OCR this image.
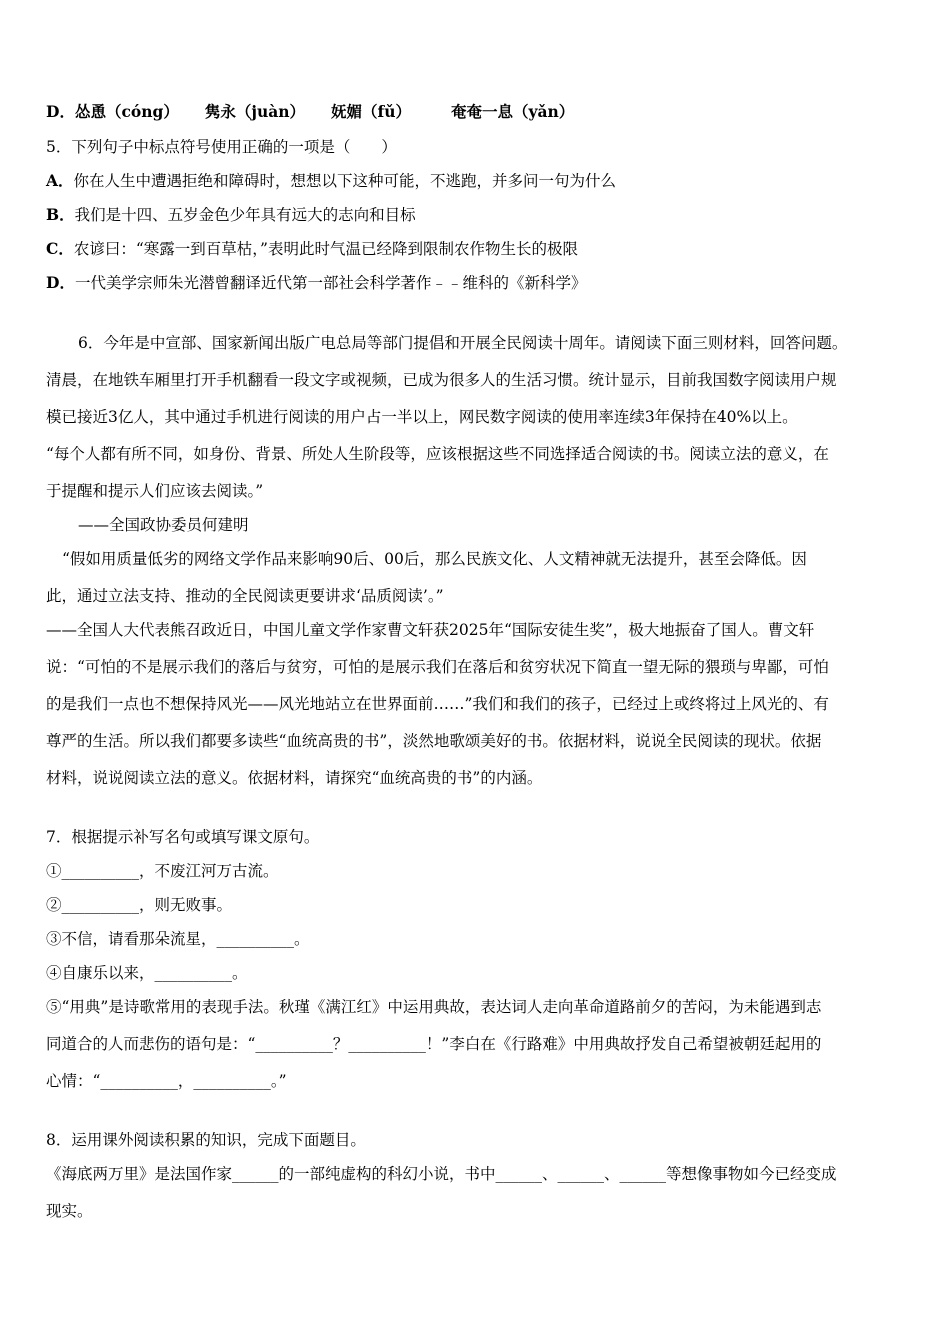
D．怂恿（cóng） 隽永（juàn） 妩媚（fǔ）	奄奄一息（yǎn）
5．下列句子中标点符号使用正确的一项是（　　）
A．你在人生中遭遇拒绝和障碍时，想想以下这种可能，不逃跑，并多问一句为什么
B．我们是十四、五岁金色少年具有远大的志向和目标
C．农谚曰：“寒露一到百草枯，”表明此时气温已经降到限制农作物生长的极限
D．一代美学宗师朱光潜曾翻译近代第一部社会科学著作﹣﹣维科的《新科学》
6．今年是中宣部、国家新闻出版广电总局等部门提倡和开展全民阅读十周年。请阅读下面三则材料，回答问题。
清晨，在地铁车厢里打开手机翻看一段文字或视频，已成为很多人的生活习惯。统计显示，目前我国数字阅读用户规
模已接近3亿人，其中通过手机进行阅读的用户占一半以上，网民数字阅读的使用率连续3年保持在40%以上。
“每个人都有所不同，如身份、背景、所处人生阶段等，应该根据这些不同选择适合阅读的书。阅读立法的意义，在
于提醒和提示人们应该去阅读。”
——全国政协委员何建明
“假如用质量低劣的网络文学作品来影响90后、00后，那么民族文化、人文精神就无法提升，甚至会降低。因
此，通过立法支持、推动的全民阅读更要讲求‘品质阅读’。”
——全国人大代表熊召政近日，中国儿童文学作家曹文轩获2025年“国际安徒生奖”，极大地振奋了国人。曹文轩
说：“可怕的不是展示我们的落后与贫穷，可怕的是展示我们在落后和贫穷状况下简直一望无际的猥琐与卑鄙，可怕
的是我们一点也不想保持风光——风光地站立在世界面前……”我们和我们的孩子，已经过上或终将过上风光的、有
尊严的生活。所以我们都要多读些“血统高贵的书”，淡然地歌颂美好的书。依据材料，说说全民阅读的现状。依据
材料，说说阅读立法的意义。依据材料，请探究“血统高贵的书”的内涵。
7．根据提示补写名句或填写课文原句。
①__________，不废江河万古流。
②__________，则无败事。
③不信，请看那朵流星，__________。
④自康乐以来，__________。
⑤“用典”是诗歌常用的表现手法。秋瑾《满江红》中运用典故，表达词人走向革命道路前夕的苦闷，为未能遇到志
同道合的人而悲伤的语句是：“__________？__________！”李白在《行路难》中用典故抒发自己希望被朝廷起用的
心情：“__________，__________。”
8．运用课外阅读积累的知识，完成下面题目。
《海底两万里》是法国作家______的一部纯虚构的科幻小说，书中______、______、______等想像事物如今已经变成
现实。
